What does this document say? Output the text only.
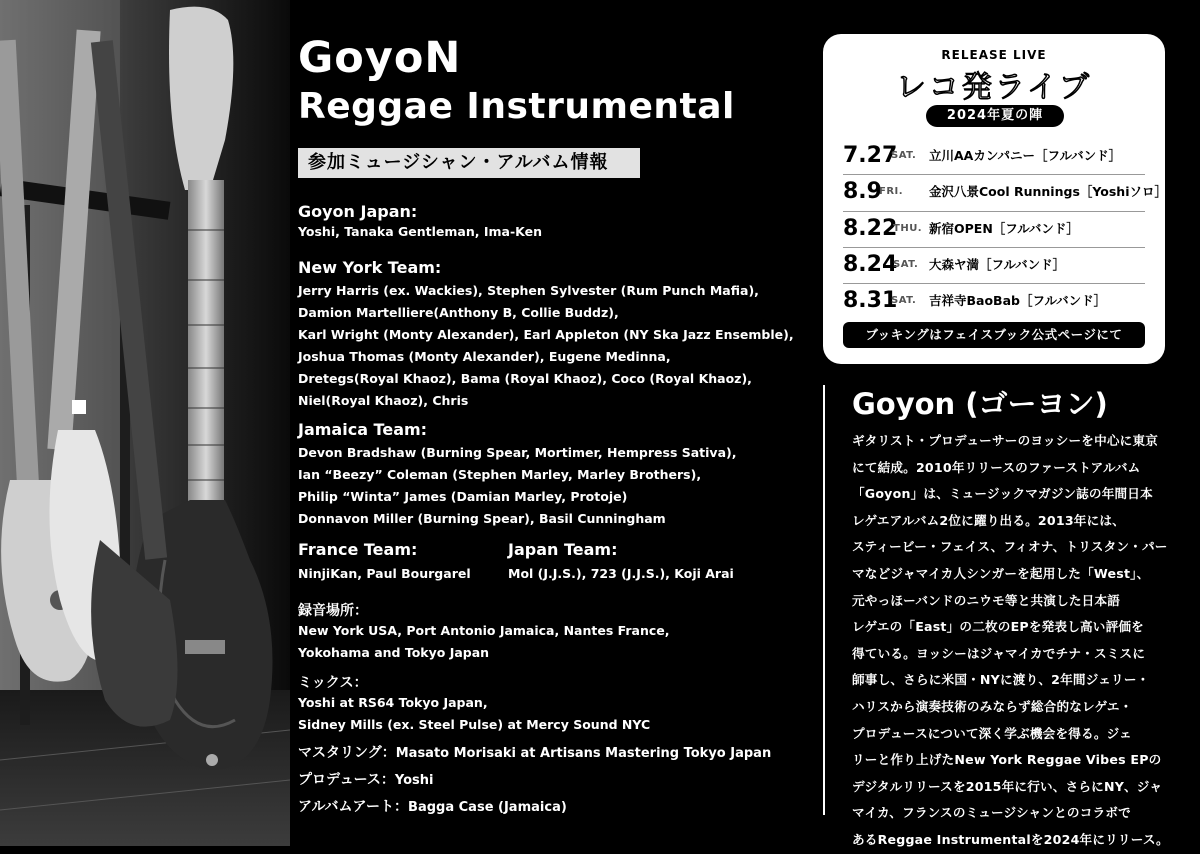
GoyoN
Reggae Instrumental
参加ミュージシャン・アルバム情報
Goyon Japan:
Yoshi, Tanaka Gentleman, Ima-Ken
New York Team:
Jerry Harris (ex. Wackies), Stephen Sylvester (Rum Punch Mafia),
Damion Martelliere(Anthony B, Collie Buddz),
Karl Wright (Monty Alexander), Earl Appleton (NY Ska Jazz Ensemble),
Joshua Thomas (Monty Alexander), Eugene Medinna,
Dretegs(Royal Khaoz), Bama (Royal Khaoz), Coco (Royal Khaoz),
Niel(Royal Khaoz), Chris
Jamaica Team:
Devon Bradshaw (Burning Spear, Mortimer, Hempress Sativa),
Ian “Beezy” Coleman (Stephen Marley, Marley Brothers),
Philip “Winta” James (Damian Marley, Protoje)
Donnavon Miller (Burning Spear), Basil Cunningham
France Team:
NinjiKan, Paul Bourgarel
Japan Team:
Mol (J.J.S.), 723 (J.J.S.), Koji Arai
録音場所：
New York USA, Port Antonio Jamaica, Nantes France,
Yokohama and Tokyo Japan
ミックス：
Yoshi at RS64 Tokyo Japan,
Sidney Mills (ex. Steel Pulse) at Mercy Sound NYC
マスタリング：Masato Morisaki at Artisans Mastering Tokyo Japan
プロデュース：Yoshi
アルバムアート：Bagga Case (Jamaica)
RELEASE LIVE
レコ発ライブ
2024年夏の陣
7.27
SAT. 立川AAカンパニー［フルバンド］
8.9
FRI. 金沢八景Cool Runnings［Yoshiソロ］
8.22
THU. 新宿OPEN［フルバンド］
8.24
SAT. 大森ヤ満［フルバンド］
8.31
SAT. 吉祥寺BaoBab［フルバンド］
ブッキングはフェイスブック公式ページにて
Goyon (ゴーヨン)
ギタリスト・プロデューサーのヨッシーを中心に東京
にて結成。2010年リリースのファーストアルバム
「Goyon」は、ミュージックマガジン誌の年間日本
レゲエアルバム2位に躍り出る。2013年には、
スティービー・フェイス、フィオナ、トリスタン・パー
マなどジャマイカ人シンガーを起用した「West」、
元やっほーバンドのニウモ等と共演した日本語
レゲエの「East」の二枚のEPを発表し高い評価を
得ている。ヨッシーはジャマイカでチナ・スミスに
師事し、さらに米国・NYに渡り、2年間ジェリー・
ハリスから演奏技術のみならず総合的なレゲエ・
プロデュースについて深く学ぶ機会を得る。ジェ
リーと作り上げたNew York Reggae Vibes EPの
デジタルリリースを2015年に行い、さらにNY、ジャ
マイカ、フランスのミュージシャンとのコラボで
あるReggae Instrumentalを2024年にリリース。
